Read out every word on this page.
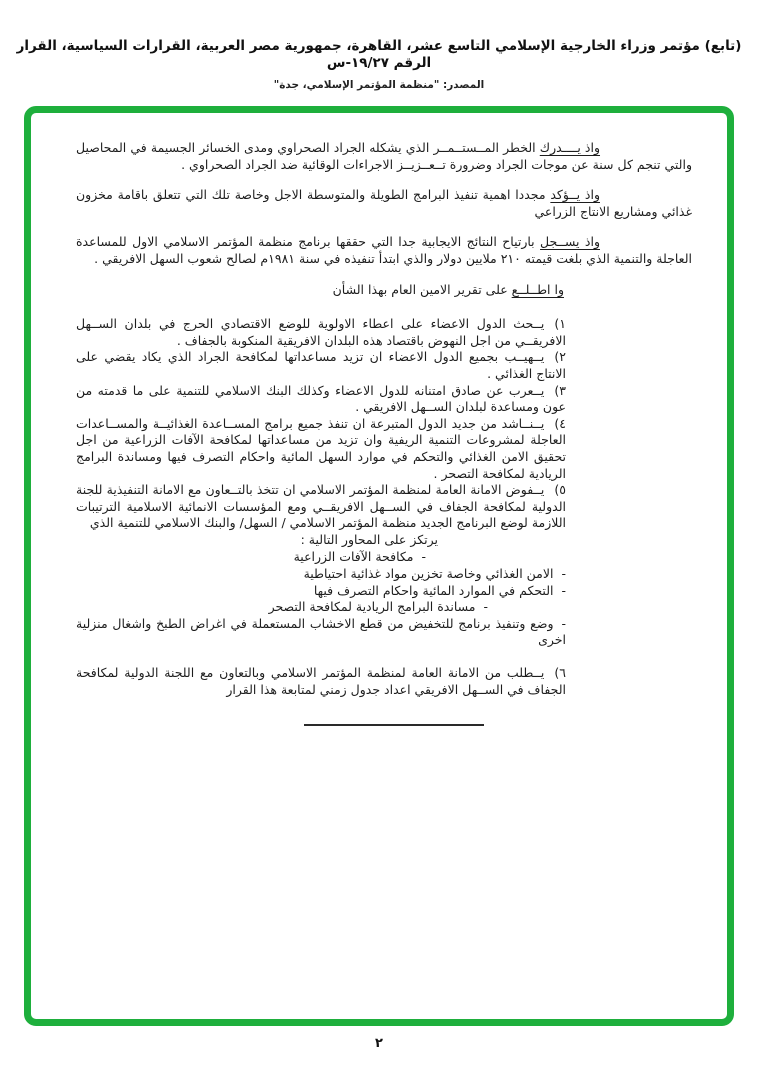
(تابع) مؤتمر وزراء الخارجية الإسلامي التاسع عشر، القاهرة، جمهورية مصر العربية، القرارات السياسية، القرار الرقم ١٩/٢٧-س
المصدر: "منظمة المؤتمر الإسلامي، جدة"

واذ يــــدرك الخطر المــستــمــر الذي يشكله الجراد الصحراوي ومدى الخسائر الجسيمة في المحاصيل والتي تنجم كل سنة عن موجات الجراد وضرورة تــعــزيــز الاجراءات الوقائية ضد الجراد الصحراوي .

واذ يــؤكد مجددا اهمية تنفيذ البرامج الطويلة والمتوسطة الاجل وخاصة تلك التي تتعلق باقامة مخزون غذائي ومشاريع الانتاج الزراعي

واذ يســجل بارتياح النتائج الايجابية جدا التي حققها برنامج منظمة المؤتمر الاسلامي الاول للمساعدة العاجلة والتنمية الذي بلغت قيمته ٢١٠ ملايين دولار والذي ابتدأ تنفيذه في سنة ١٩٨١م لصالح شعوب السهل الافريقي .

وا اطــلــع على تقرير الامين العام بهذا الشأن

١)يــحث الدول الاعضاء على اعطاء الاولوية للوضع الاقتصادي الحرج في بلدان الســهل الافريقــي من اجل النهوض باقتصاد هذه البلدان الافريقية المنكوبة بالجفاف .

٢)يــهيــب بجميع الدول الاعضاء ان تزيد مساعداتها لمكافحة الجراد الذي يكاد يقضي على الانتاج الغذائي .

٣)يــعرب عن صادق امتنانه للدول الاعضاء وكذلك البنك الاسلامي للتنمية على ما قدمته من عون ومساعدة لبلدان الســهل الافريقي .

٤)يــنــاشد من جديد الدول المتبرعة ان تنفذ جميع برامج المســاعدة الغذائيــة والمســاعدات العاجلة لمشروعات التنمية الريفية وان تزيد من مساعداتها لمكافحة الآفات الزراعية من اجل تحقيق الامن الغذائي والتحكم في موارد السهل المائية واحكام التصرف فيها ومساندة البرامج الريادية لمكافحة التصحر .

٥)يــفوض الامانة العامة لمنظمة المؤتمر الاسلامي ان تتخذ بالتــعاون مع الامانة التنفيذية للجنة الدولية لمكافحة الجفاف في الســهل الافريقــي ومع المؤسسات الانمائية الاسلامية الترتيبات اللازمة لوضع البرنامج الجديد منظمة المؤتمر الاسلامي / السهل/ والبنك الاسلامي للتنمية الذي

يرتكز على المحاور التالية :

-مكافحة الآفات الزراعية

-الامن الغذائي وخاصة تخزين مواد غذائية احتياطية

-التحكم في الموارد المائية واحكام التصرف فيها

-مساندة البرامج الريادية لمكافحة التصحر

-وضع وتنفيذ برنامج للتخفيض من قطع الاخشاب المستعملة في اغراض الطبخ واشغال منزلية اخرى

٦)يــطلب من الامانة العامة لمنظمة المؤتمر الاسلامي وبالتعاون مع اللجنة الدولية لمكافحة الجفاف في الســهل الافريقي اعداد جدول زمني لمتابعة هذا القرار

٢
